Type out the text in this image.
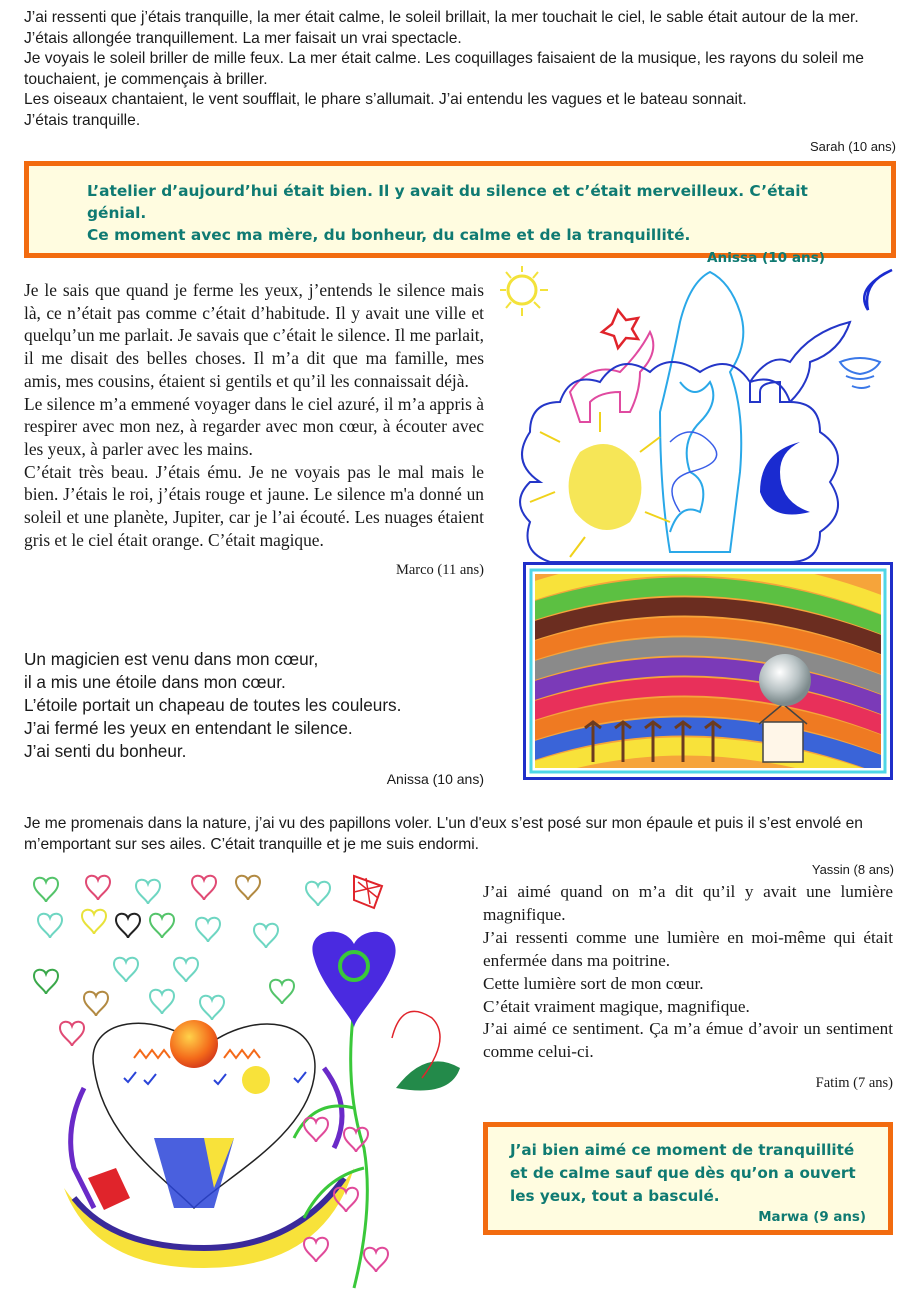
J’ai ressenti que j’étais tranquille, la mer était calme, le soleil brillait, la mer touchait le ciel, le sable était autour de la mer. J’étais allongée tranquillement. La mer faisait un vrai spectacle.

Je voyais le soleil briller de mille feux. La mer était calme. Les coquillages faisaient de la musique, les rayons du soleil me touchaient, je commençais à briller.

Les oiseaux chantaient, le vent soufflait, le phare s’allumait. J’ai entendu les vagues et le bateau sonnait.

J’étais tranquille.

Sarah (10 ans)
L’atelier d’aujourd’hui était bien. Il y avait du silence et c’était merveilleux. C’était génial.
Ce moment avec ma mère, du bonheur, du calme et de la tranquillité.
Anissa (10 ans)

Je le sais que quand je ferme les yeux, j’entends le silence mais là, ce n’était pas comme c’était d’habitude. Il y avait une ville et quelqu’un me parlait. Je savais que c’était le silence. Il me parlait, il me disait des belles choses. Il m’a dit que ma famille, mes amis, mes cousins, étaient si gentils et qu’il les connaissait déjà.

Le silence m’a emmené voyager dans le ciel azuré, il m’a appris à respirer avec mon nez, à regarder avec mon cœur, à écouter avec les yeux, à parler avec les mains.

C’était très beau. J’étais ému. Je ne voyais pas le mal mais le bien. J’étais le roi, j’étais rouge et jaune. Le silence m'a donné un soleil et une planète, Jupiter, car je l’ai écouté. Les nuages étaient gris et le ciel était orange. C’était magique.

Marco (11 ans)
Un magicien est venu dans mon cœur,
il a mis une étoile dans mon cœur.
L’étoile portait un chapeau de toutes les couleurs.
J’ai fermé les yeux en entendant le silence.
J’ai senti du bonheur.
Anissa (10 ans)

Je me promenais dans la nature, j’ai vu des papillons voler. L'un d'eux s’est posé sur mon épaule et puis il s’est envolé en m’emportant sur ses ailes. C’était tranquille et je me suis endormi.

Yassin (8 ans)

J’ai aimé quand on m’a dit qu’il y avait une lumière magnifique.

J’ai ressenti comme une lumière en moi-même qui était enfermée dans ma poitrine.

Cette lumière sort de mon cœur.

C’était vraiment magique, magnifique.

J’ai aimé ce sentiment. Ça m’a émue d’avoir un sentiment comme celui-ci.

Fatim (7 ans)
J’ai bien aimé ce moment de tranquillité et de calme sauf que dès qu’on a ouvert les yeux, tout a basculé.
Marwa (9 ans)
